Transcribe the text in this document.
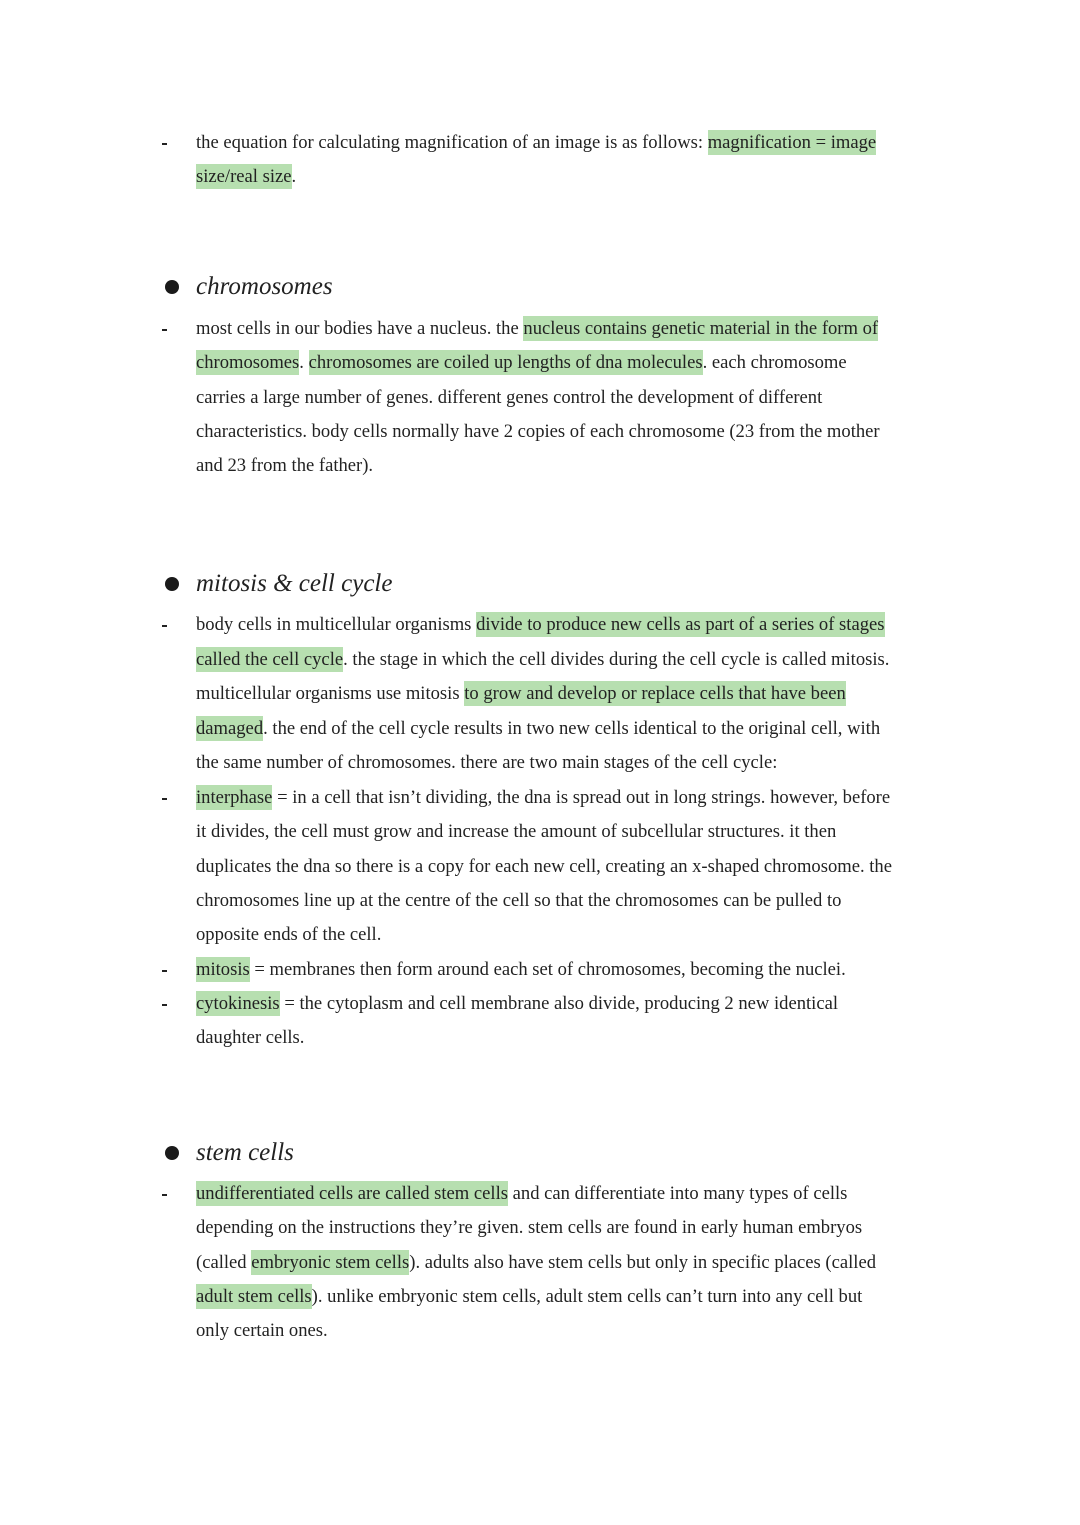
the equation for calculating magnification of an image is as follows: magnification = image
size/real size.
chromosomes
most cells in our bodies have a nucleus. the nucleus contains genetic material in the form of
chromosomes. chromosomes are coiled up lengths of dna molecules. each chromosome
carries a large number of genes. different genes control the development of different
characteristics. body cells normally have 2 copies of each chromosome (23 from the mother
and 23 from the father).
mitosis & cell cycle
body cells in multicellular organisms divide to produce new cells as part of a series of stages
called the cell cycle. the stage in which the cell divides during the cell cycle is called mitosis.
multicellular organisms use mitosis to grow and develop or replace cells that have been
damaged. the end of the cell cycle results in two new cells identical to the original cell, with
the same number of chromosomes. there are two main stages of the cell cycle:
interphase = in a cell that isn’t dividing, the dna is spread out in long strings. however, before
it divides, the cell must grow and increase the amount of subcellular structures. it then
duplicates the dna so there is a copy for each new cell, creating an x-shaped chromosome. the
chromosomes line up at the centre of the cell so that the chromosomes can be pulled to
opposite ends of the cell.
mitosis = membranes then form around each set of chromosomes, becoming the nuclei.
cytokinesis = the cytoplasm and cell membrane also divide, producing 2 new identical
daughter cells.
stem cells
undifferentiated cells are called stem cells and can differentiate into many types of cells
depending on the instructions they’re given. stem cells are found in early human embryos
(called embryonic stem cells). adults also have stem cells but only in specific places (called
adult stem cells). unlike embryonic stem cells, adult stem cells can’t turn into any cell but
only certain ones.
